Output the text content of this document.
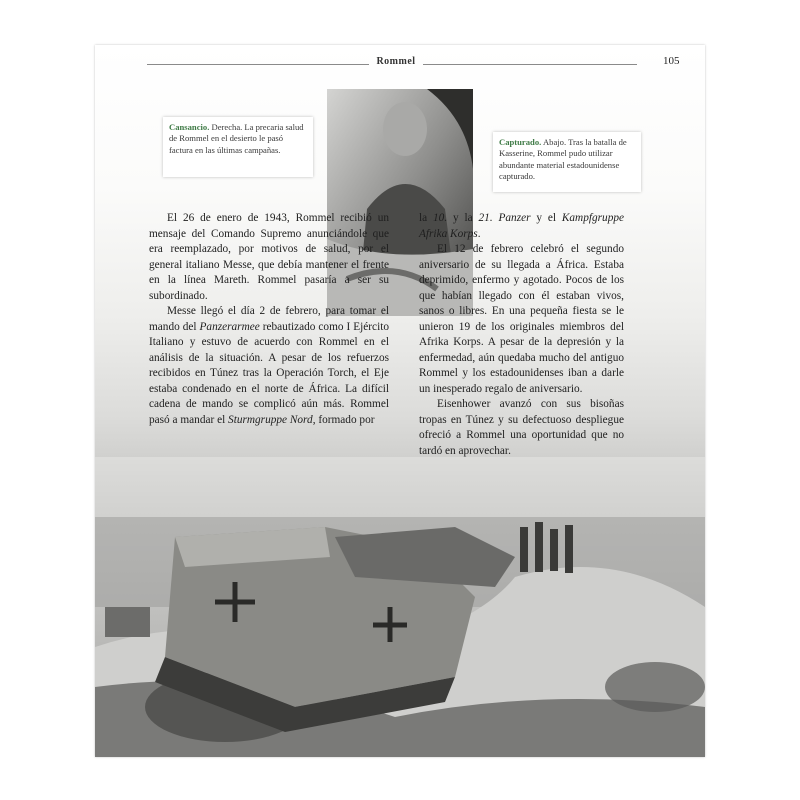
Rommel	105
Cansancio. Derecha. La precaria salud de Rommel en el desierto le pasó factura en las últimas campañas.
Capturado. Abajo. Tras la batalla de Kasserine, Rommel pudo utilizar abundante material estadounidense capturado.

El 26 de enero de 1943, Rommel recibió un mensaje del Comando Supremo anunciándole que era reemplazado, por motivos de salud, por el general italiano Messe, que debía mantener el frente en la línea Mareth. Rommel pasaría a ser su subordinado.

Messe llegó el día 2 de febrero, para tomar el mando del Panzerarmee rebautizado como I Ejército Italiano y estuvo de acuerdo con Rommel en el análisis de la situación. A pesar de los refuerzos recibidos en Túnez tras la Operación Torch, el Eje estaba condenado en el norte de África. La difícil cadena de mando se complicó aún más. Rommel pasó a mandar el Sturmgruppe Nord, formado por

la 10. y la 21. Panzer y el Kampfgruppe Afrika Korps.

El 12 de febrero celebró el segundo aniversario de su llegada a África. Estaba deprimido, enfermo y agotado. Pocos de los que habían llegado con él estaban vivos, sanos o libres. En una pequeña fiesta se le unieron 19 de los originales miembros del Afrika Korps. A pesar de la depresión y la enfermedad, aún quedaba mucho del antiguo Rommel y los estadounidenses iban a darle un inesperado regalo de aniversario.

Eisenhower avanzó con sus bisoñas tropas en Túnez y su defectuoso despliegue ofreció a Rommel una oportunidad que no tardó en aprovechar.
